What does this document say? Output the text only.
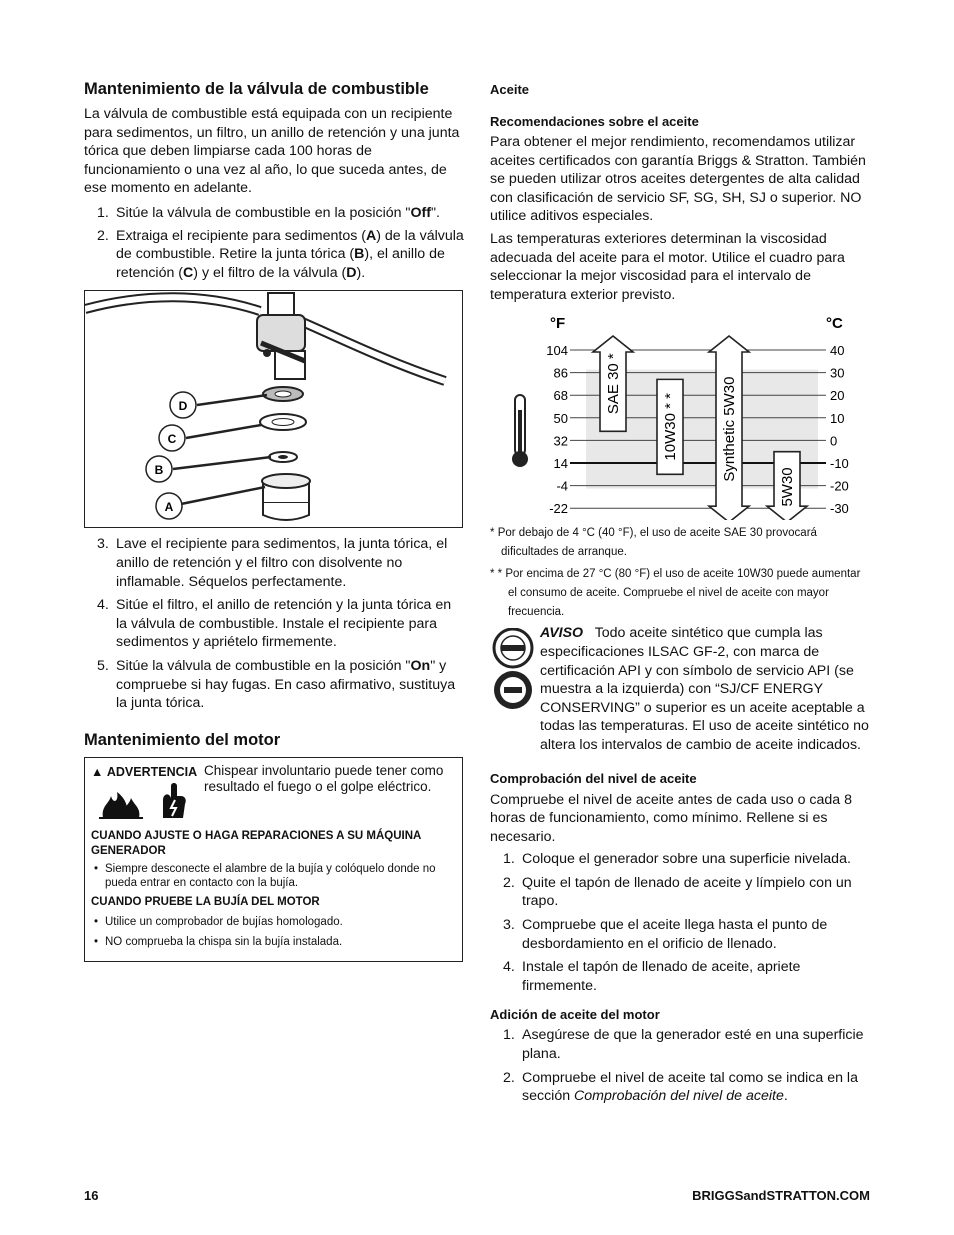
Mantenimiento de la válvula de combustible

La válvula de combustible está equipada con un recipiente para sedimentos, un filtro, un anillo de retención y una junta tórica que deben limpiarse cada 100 horas de funcionamiento o una vez al año, lo que suceda antes, de ese momento en adelante.

1. Sitúe la válvula de combustible en la posición "Off".
2. Extraiga el recipiente para sedimentos (A) de la válvula de combustible. Retire la junta tórica (B), el anillo de retención (C) y el filtro de la válvula (D).
D
C
B
A
3. Lave el recipiente para sedimentos, la junta tórica, el anillo de retención y el filtro con disolvente no inflamable. Séquelos perfectamente.
4. Sitúe el filtro, el anillo de retención y la junta tórica en la válvula de combustible. Instale el recipiente para sedimentos y apriételo firmemente.
5. Sitúe la válvula de combustible en la posición "On" y compruebe si hay fugas. En caso afirmativo, sustituya la junta tórica.
Mantenimiento del motor
▲ ADVERTENCIA Chispear involuntario puede tener como resultado el fuego o el golpe eléctrico.
CUANDO AJUSTE O HAGA REPARACIONES A SU MÁQUINA GENERADOR
• Siempre desconecte el alambre de la bujía y colóquelo donde no pueda entrar en contacto con la bujía.
CUANDO PRUEBE LA BUJÍA DEL MOTOR
• Utilice un comprobador de bujías homologado.
• NO comprueba la chispa sin la bujía instalada.
Aceite
Recomendaciones sobre el aceite

Para obtener el mejor rendimiento, recomendamos utilizar aceites certificados con garantía Briggs & Stratton. También se pueden utilizar otros aceites detergentes de alta calidad con clasificación de servicio SF, SG, SH, SJ o superior. NO utilice aditivos especiales.

Las temperaturas exteriores determinan la viscosidad adecuada del aceite para el motor. Utilice el cuadro para seleccionar la mejor viscosidad para el intervalo de temperatura exterior previsto.

°F	°C
104	40
86	30
68	20
50	10
32	0
14	-10
-4	-20
-22	-30
SAE 30 *
10W30 * *	Synthetic 5W30
5W30
* Por debajo de 4 °C (40 °F), el uso de aceite SAE 30 provocará dificultades de arranque.
* * Por encima de 27 °C (80 °F) el uso de aceite 10W30 puede aumentar el consumo de aceite. Compruebe el nivel de aceite con mayor frecuencia.

AVISO Todo aceite sintético que cumpla las especificaciones ILSAC GF-2, con marca de certificación API y con símbolo de servicio API (se muestra a la izquierda) con “SJ/CF ENERGY CONSERVING” o superior es un aceite aceptable a todas las temperaturas. El uso de aceite sintético no altera los intervalos de cambio de aceite indicados.

Comprobación del nivel de aceite

Compruebe el nivel de aceite antes de cada uso o cada 8 horas de funcionamiento, como mínimo. Rellene si es necesario.

1. Coloque el generador sobre una superficie nivelada.
2. Quite el tapón de llenado de aceite y límpielo con un trapo.
3. Compruebe que el aceite llega hasta el punto de desbordamiento en el orificio de llenado.
4. Instale el tapón de llenado de aceite, apriete firmemente.
Adición de aceite del motor
1. Asegúrese de que la generador esté en una superficie plana.
2. Compruebe el nivel de aceite tal como se indica en la sección Comprobación del nivel de aceite.
16	BRIGGSandSTRATTON.COM
